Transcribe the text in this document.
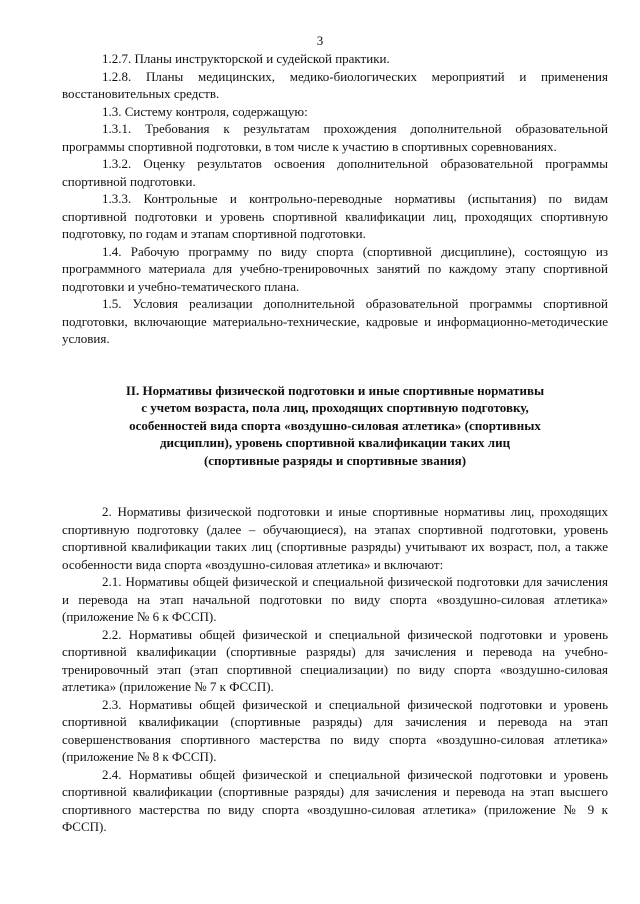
3

1.2.7. Планы инструкторской и судейской практики.

1.2.8. Планы медицинских, медико-биологических мероприятий и применения восстановительных средств.

1.3. Систему контроля, содержащую:

1.3.1. Требования к результатам прохождения дополнительной образовательной программы спортивной подготовки, в том числе к участию в спортивных соревнованиях.

1.3.2. Оценку результатов освоения дополнительной образовательной программы спортивной подготовки.

1.3.3. Контрольные и контрольно-переводные нормативы (испытания) по видам спортивной подготовки и уровень спортивной квалификации лиц, проходящих спортивную подготовку, по годам и этапам спортивной подготовки.

1.4. Рабочую программу по виду спорта (спортивной дисциплине), состоящую из программного материала для учебно-тренировочных занятий по каждому этапу спортивной подготовки и учебно-тематического плана.

1.5. Условия реализации дополнительной образовательной программы спортивной подготовки, включающие материально-технические, кадровые и информационно-методические условия.

II. Нормативы физической подготовки и иные спортивные нормативы
с учетом возраста, пола лиц, проходящих спортивную подготовку,
особенностей вида спорта «воздушно-силовая атлетика» (спортивных
дисциплин), уровень спортивной квалификации таких лиц
(спортивные разряды и спортивные звания)

2. Нормативы физической подготовки и иные спортивные нормативы лиц, проходящих спортивную подготовку (далее – обучающиеся), на этапах спортивной подготовки, уровень спортивной квалификации таких лиц (спортивные разряды) учитывают их возраст, пол, а также особенности вида спорта «воздушно-силовая атлетика» и включают:

2.1. Нормативы общей физической и специальной физической подготовки для зачисления и перевода на этап начальной подготовки по виду спорта «воздушно-силовая атлетика» (приложение № 6 к ФССП).

2.2. Нормативы общей физической и специальной физической подготовки и уровень спортивной квалификации (спортивные разряды) для зачисления и перевода на учебно-тренировочный этап (этап спортивной специализации) по виду спорта «воздушно-силовая атлетика» (приложение № 7 к ФССП).

2.3. Нормативы общей физической и специальной физической подготовки и уровень спортивной квалификации (спортивные разряды) для зачисления и перевода на этап совершенствования спортивного мастерства по виду спорта «воздушно-силовая атлетика» (приложение № 8 к ФССП).

2.4. Нормативы общей физической и специальной физической подготовки и уровень спортивной квалификации (спортивные разряды) для зачисления и перевода на этап высшего спортивного мастерства по виду спорта «воздушно-силовая атлетика» (приложение № 9 к ФССП).
